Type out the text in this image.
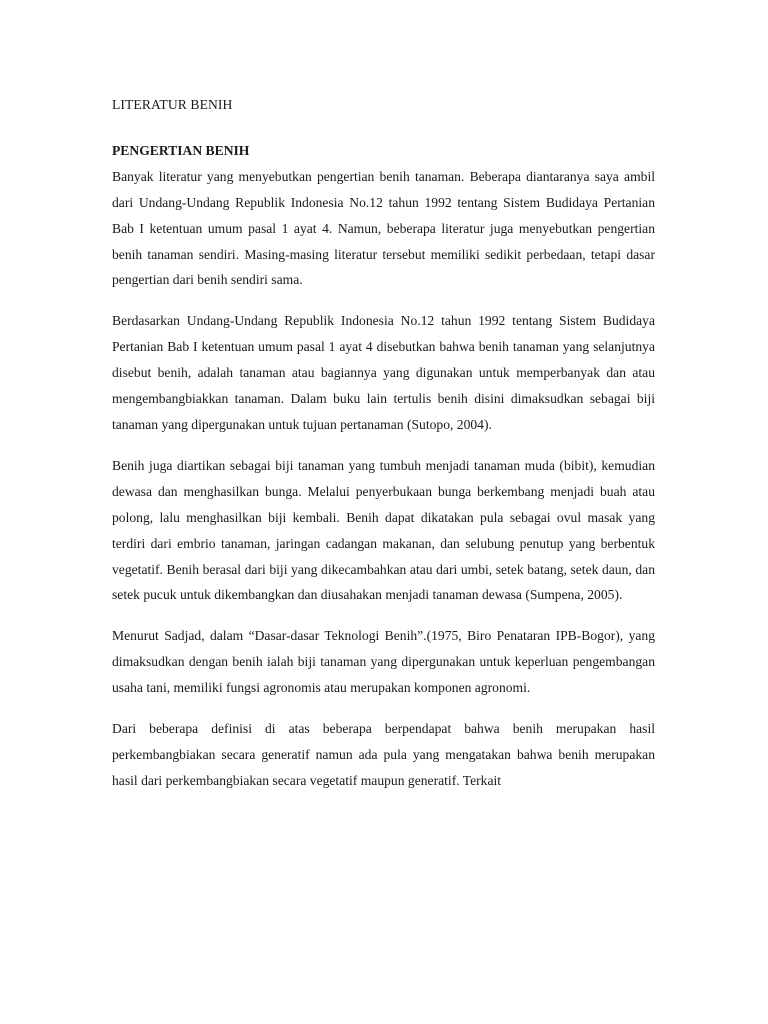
LITERATUR BENIH

PENGERTIAN BENIH

Banyak literatur yang menyebutkan pengertian benih tanaman. Beberapa diantaranya saya ambil dari Undang-Undang Republik Indonesia No.12 tahun 1992 tentang Sistem Budidaya Pertanian Bab I ketentuan umum pasal 1 ayat 4. Namun, beberapa literatur juga menyebutkan pengertian benih tanaman sendiri. Masing-masing literatur tersebut memiliki sedikit perbedaan, tetapi dasar pengertian dari benih sendiri sama.

Berdasarkan Undang-Undang Republik Indonesia No.12 tahun 1992 tentang Sistem Budidaya Pertanian Bab I ketentuan umum pasal 1 ayat 4 disebutkan bahwa benih tanaman yang selanjutnya disebut benih, adalah tanaman atau bagiannya yang digunakan untuk memperbanyak dan atau mengembangbiakkan tanaman. Dalam buku lain tertulis benih disini dimaksudkan sebagai biji tanaman yang dipergunakan untuk tujuan pertanaman (Sutopo, 2004).

Benih juga diartikan sebagai biji tanaman yang tumbuh menjadi tanaman muda (bibit), kemudian dewasa dan menghasilkan bunga. Melalui penyerbukaan bunga berkembang menjadi buah atau polong, lalu menghasilkan biji kembali. Benih dapat dikatakan pula sebagai ovul masak yang terdiri dari embrio tanaman, jaringan cadangan makanan, dan selubung penutup yang berbentuk vegetatif. Benih berasal dari biji yang dikecambahkan atau dari umbi, setek batang, setek daun, dan setek pucuk untuk dikembangkan dan diusahakan menjadi tanaman dewasa (Sumpena, 2005).

Menurut Sadjad, dalam “Dasar-dasar Teknologi Benih”.(1975, Biro Penataran IPB-Bogor), yang dimaksudkan dengan benih ialah biji tanaman yang dipergunakan untuk keperluan pengembangan usaha tani, memiliki fungsi agronomis atau merupakan komponen agronomi.

Dari beberapa definisi di atas beberapa berpendapat bahwa benih merupakan hasil perkembangbiakan secara generatif namun ada pula yang mengatakan bahwa benih merupakan hasil dari perkembangbiakan secara vegetatif maupun generatif. Terkait
